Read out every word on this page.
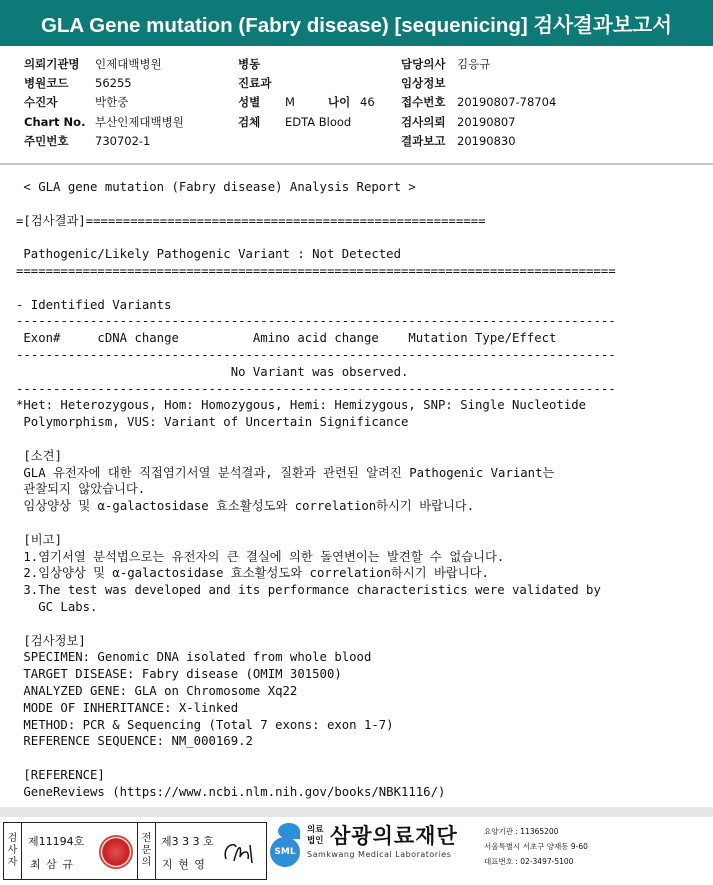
GLA Gene mutation (Fabry disease) [sequenicing] 검사결과보고서
의뢰기관명 인제대백병원
병원코드 56255
수진자	박한중
Chart No. 부산인제대백병원
주민번호 730702-1
병동
진료과
성별 M
검체 EDTA Blood
나이 46
담당의사 김응규
임상정보
접수번호 20190807-78704
검사의뢰 20190807
결과보고 20190830
< GLA gene mutation (Fabry disease) Analysis Report >

=[검사결과]======================================================

Pathogenic/Likely Pathogenic Variant : Not Detected
=================================================================================

- Identified Variants
---------------------------------------------------------------------------------
Exon#     cDNA change          Amino acid change    Mutation Type/Effect
---------------------------------------------------------------------------------
No Variant was observed.
---------------------------------------------------------------------------------
*Het: Heterozygous, Hom: Homozygous, Hemi: Hemizygous, SNP: Single Nucleotide
Polymorphism, VUS: Variant of Uncertain Significance

[소견]
GLA 유전자에 대한 직접염기서열 분석결과, 질환과 관련된 알려진 Pathogenic Variant는
관찰되지 않았습니다.
임상양상 및 α-galactosidase 효소활성도와 correlation하시기 바랍니다.

[비고]
1.염기서열 분석법으로는 유전자의 큰 결실에 의한 돌연변이는 발견할 수 없습니다.
2.임상양상 및 α-galactosidase 효소활성도와 correlation하시기 바랍니다.
3.The test was developed and its performance characteristics were validated by
GC Labs.

[검사정보]
SPECIMEN: Genomic DNA isolated from whole blood
TARGET DISEASE: Fabry disease (OMIM 301500)
ANALYZED GENE: GLA on Chromosome Xq22
MODE OF INHERITANCE: X-linked
METHOD: PCR & Sequencing (Total 7 exons: exon 1-7)
REFERENCE SEQUENCE: NM_000169.2

[REFERENCE]
GeneReviews (https://www.ncbi.nlm.nih.gov/books/NBK1116/)
검
사
자
제11194호
최 삼 규
전
문
의
제3 3 3 호
지 현 영
SML
의료
법인 삼광의료재단
Samkwang Medical Laboratories
요양기관 : 11365200
서울특별시 서초구 양재동 9-60
대표번호 : 02-3497-5100
